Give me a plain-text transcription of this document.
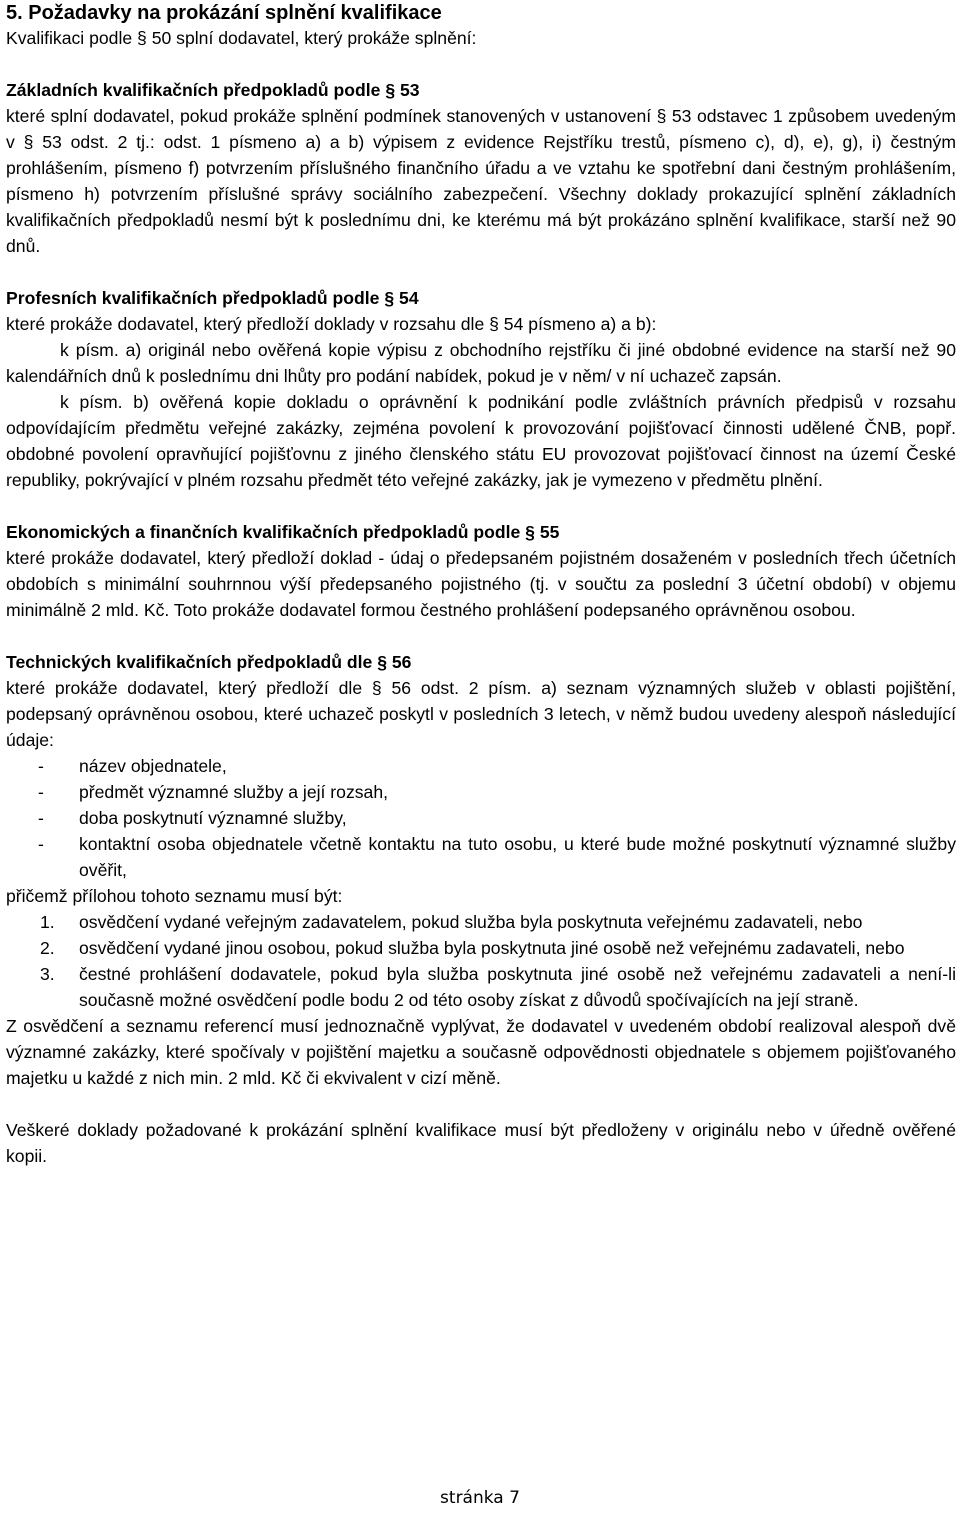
5. Požadavky na prokázání splnění kvalifikace

Kvalifikaci podle § 50 splní dodavatel, který prokáže splnění:

Základních kvalifikačních předpokladů podle § 53

které splní dodavatel, pokud prokáže splnění podmínek stanovených v ustanovení § 53 odstavec 1 způsobem uvedeným v § 53 odst. 2 tj.: odst. 1 písmeno a) a b) výpisem z evidence Rejstříku trestů, písmeno c), d), e), g), i) čestným prohlášením, písmeno f) potvrzením příslušného finančního úřadu a ve vztahu ke spotřební dani čestným prohlášením, písmeno h) potvrzením příslušné správy sociálního zabezpečení. Všechny doklady prokazující splnění základních kvalifikačních předpokladů nesmí být k poslednímu dni, ke kterému má být prokázáno splnění kvalifikace, starší než 90 dnů.

Profesních kvalifikačních předpokladů podle § 54

které prokáže dodavatel, který předloží doklady v rozsahu dle § 54 písmeno a) a b):

k písm. a) originál nebo ověřená kopie výpisu z obchodního rejstříku či jiné obdobné evidence na starší než 90 kalendářních dnů k poslednímu dni lhůty pro podání nabídek, pokud je v něm/ v ní uchazeč zapsán.

k písm. b) ověřená kopie dokladu o oprávnění k podnikání podle zvláštních právních předpisů v rozsahu odpovídajícím předmětu veřejné zakázky, zejména povolení k provozování pojišťovací činnosti udělené ČNB, popř. obdobné povolení opravňující pojišťovnu z jiného členského státu EU provozovat pojišťovací činnost na území České republiky, pokrývající v plném rozsahu předmět této veřejné zakázky, jak je vymezeno v předmětu plnění.

Ekonomických a finančních kvalifikačních předpokladů podle § 55

které prokáže dodavatel, který předloží doklad - údaj o předepsaném pojistném dosaženém v posledních třech účetních obdobích s minimální souhrnnou výší předepsaného pojistného (tj. v součtu za poslední 3 účetní období) v objemu minimálně 2 mld. Kč. Toto prokáže dodavatel formou čestného prohlášení podepsaného oprávněnou osobou.

Technických kvalifikačních předpokladů dle § 56

které prokáže dodavatel, který předloží dle § 56 odst. 2 písm. a) seznam významných služeb v oblasti pojištění, podepsaný oprávněnou osobou, které uchazeč poskytl v posledních 3 letech, v němž budou uvedeny alespoň následující údaje:

- název objednatele,
- předmět významné služby a její rozsah,
- doba poskytnutí významné služby,
- kontaktní osoba objednatele včetně kontaktu na tuto osobu, u které bude možné poskytnutí významné služby ověřit,

přičemž přílohou tohoto seznamu musí být:

1. osvědčení vydané veřejným zadavatelem, pokud služba byla poskytnuta veřejnému zadavateli, nebo
2. osvědčení vydané jinou osobou, pokud služba byla poskytnuta jiné osobě než veřejnému zadavateli, nebo
3. čestné prohlášení dodavatele, pokud byla služba poskytnuta jiné osobě než veřejnému zadavateli a není-li současně možné osvědčení podle bodu 2 od této osoby získat z důvodů spočívajících na její straně.

Z osvědčení a seznamu referencí musí jednoznačně vyplývat, že dodavatel v uvedeném období realizoval alespoň dvě významné zakázky, které spočívaly v pojištění majetku a současně odpovědnosti objednatele s objemem pojišťovaného majetku u každé z nich min. 2 mld. Kč či ekvivalent v cizí měně.

Veškeré doklady požadované k prokázání splnění kvalifikace musí být předloženy v originálu nebo v úředně ověřené kopii.

stránka 7
